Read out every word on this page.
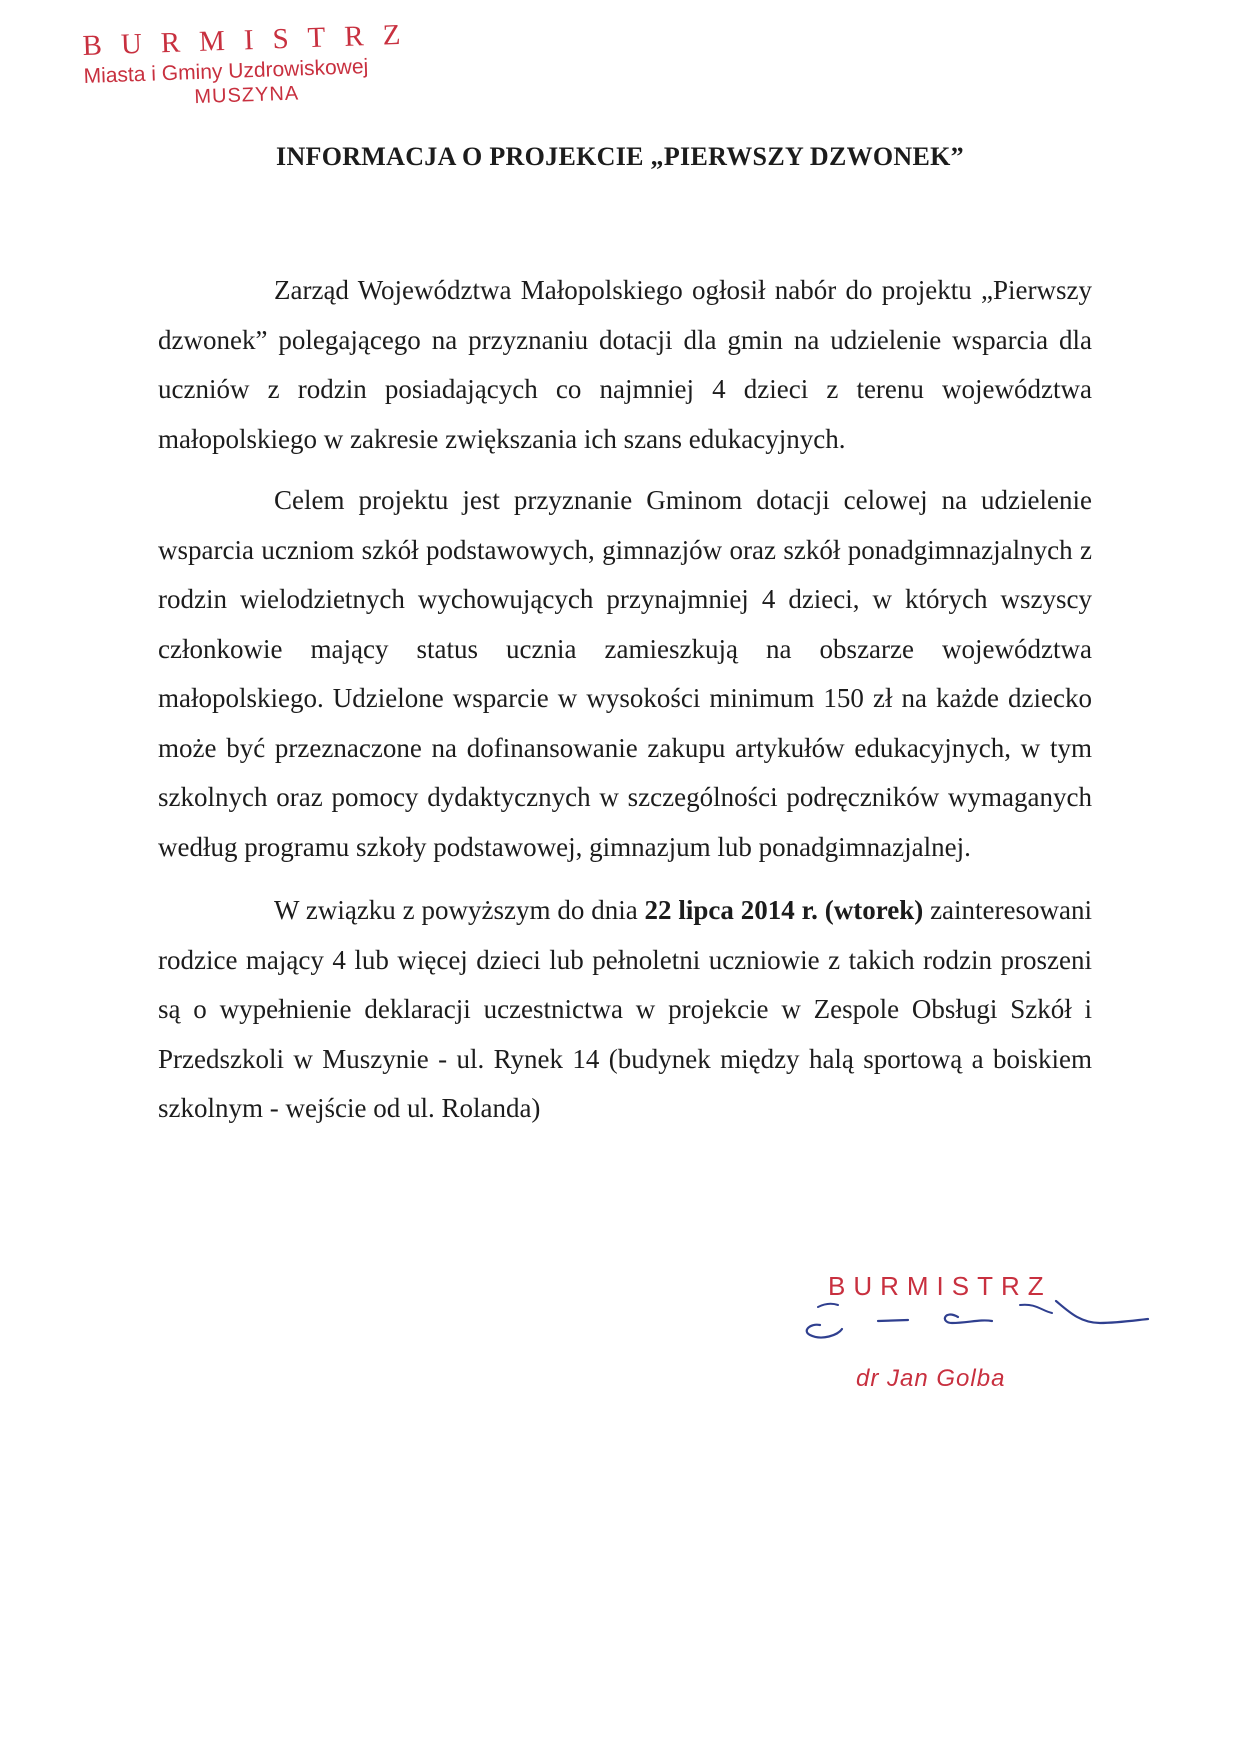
BURMISTRZ
Miasta i Gminy Uzdrowiskowej
MUSZYNA
INFORMACJA O PROJEKCIE „PIERWSZY DZWONEK”

Zarząd Województwa Małopolskiego ogłosił nabór do projektu „Pierwszy dzwonek” polegającego na przyznaniu dotacji dla gmin na udzielenie wsparcia dla uczniów z rodzin posiadających co najmniej 4 dzieci z terenu województwa małopolskiego w zakresie zwiększania ich szans edukacyjnych.

Celem projektu jest przyznanie Gminom dotacji celowej na udzielenie wsparcia uczniom szkół podstawowych, gimnazjów oraz szkół ponadgimnazjalnych z rodzin wielodzietnych wychowujących przynajmniej 4 dzieci, w których wszyscy członkowie mający status ucznia zamieszkują na obszarze województwa małopolskiego. Udzielone wsparcie w wysokości minimum 150 zł na każde dziecko może być przeznaczone na dofinansowanie zakupu artykułów edukacyjnych, w tym szkolnych oraz pomocy dydaktycznych w szczególności podręczników wymaganych według programu szkoły podstawowej, gimnazjum lub ponadgimnazjalnej.

W związku z powyższym do dnia 22 lipca 2014 r. (wtorek) zainteresowani rodzice mający 4 lub więcej dzieci lub pełnoletni uczniowie z takich rodzin proszeni są o wypełnienie deklaracji uczestnictwa w projekcie w Zespole Obsługi Szkół i Przedszkoli w Muszynie - ul. Rynek 14 (budynek między halą sportową a boiskiem szkolnym - wejście od ul. Rolanda)

BURMISTRZ
dr Jan Golba
